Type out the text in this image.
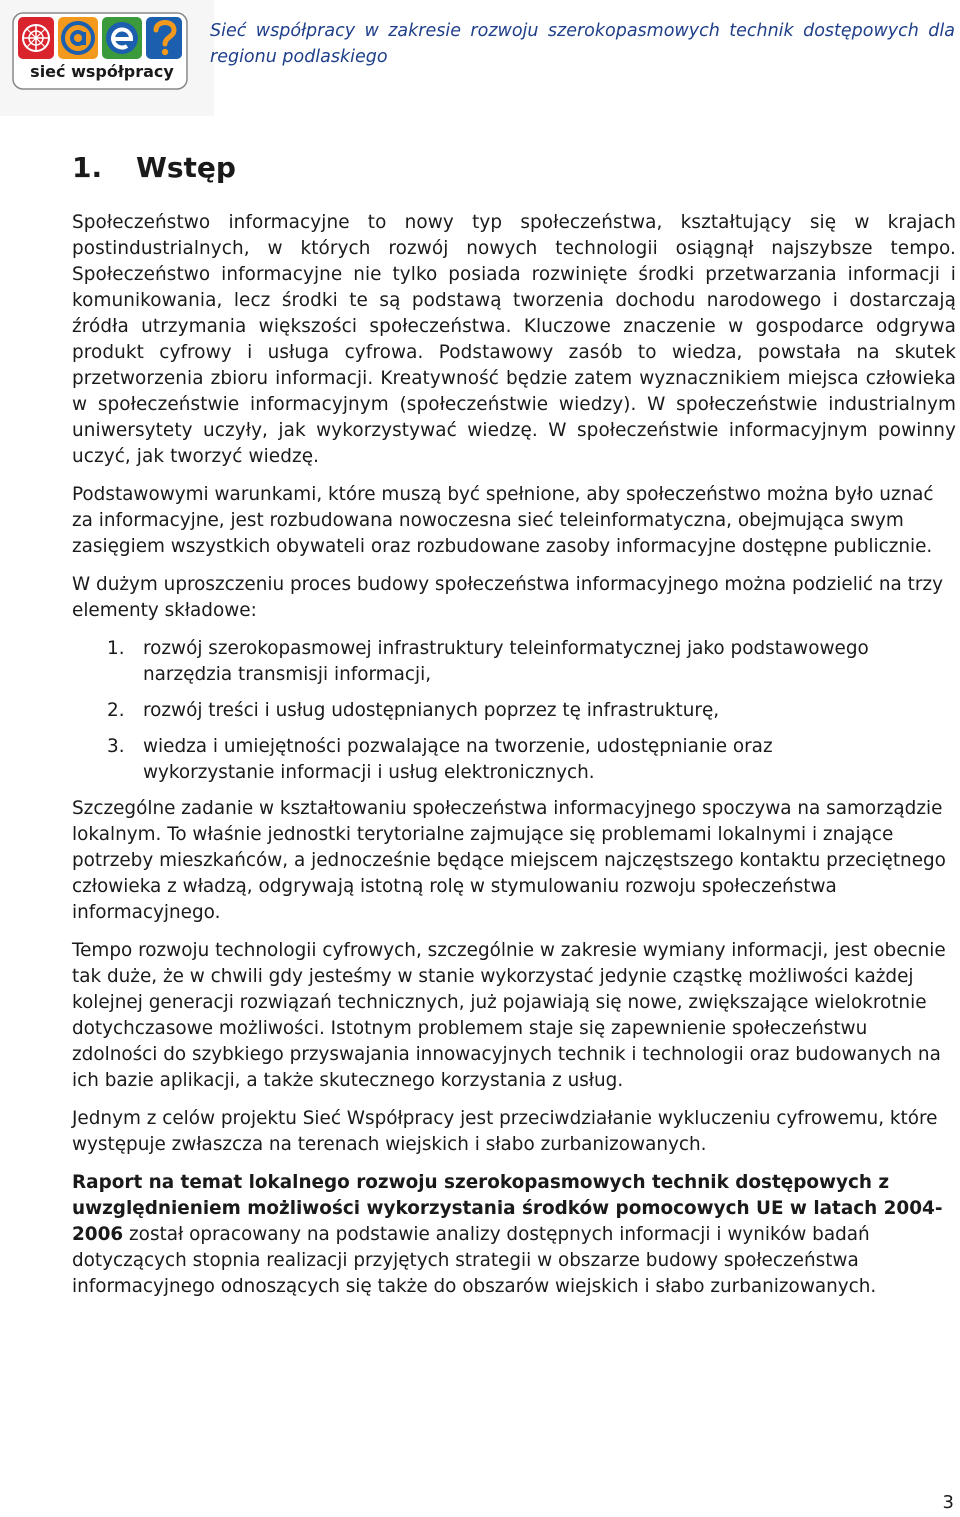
sieć współpracy
Sieć współpracy w zakresie rozwoju szerokopasmowych technik dostępowych dla regionu podlaskiego
1.	Wstęp

Społeczeństwo informacyjne to nowy typ społeczeństwa, kształtujący się w krajach postindustrialnych, w których rozwój nowych technologii osiągnął najszybsze tempo. Społeczeństwo informacyjne nie tylko posiada rozwinięte środki przetwarzania informacji i komunikowania, lecz środki te są podstawą tworzenia dochodu narodowego i dostarczają źródła utrzymania większości społeczeństwa. Kluczowe znaczenie w gospodarce odgrywa produkt cyfrowy i usługa cyfrowa. Podstawowy zasób to wiedza, powstała na skutek przetworzenia zbioru informacji. Kreatywność będzie zatem wyznacznikiem miejsca człowieka w społeczeństwie informacyjnym (społeczeństwie wiedzy). W społeczeństwie industrialnym uniwersytety uczyły, jak wykorzystywać wiedzę. W społeczeństwie informacyjnym powinny uczyć, jak tworzyć wiedzę.

Podstawowymi warunkami, które muszą być spełnione, aby społeczeństwo można było uznać za informacyjne, jest rozbudowana nowoczesna sieć teleinformatyczna, obejmująca swym zasięgiem wszystkich obywateli oraz rozbudowane zasoby informacyjne dostępne publicznie.

W dużym uproszczeniu proces budowy społeczeństwa informacyjnego można podzielić na trzy elementy składowe:

1.	rozwój szerokopasmowej infrastruktury teleinformatycznej jako podstawowego narzędzia transmisji informacji,
2.	rozwój treści i usług udostępnianych poprzez tę infrastrukturę,
3.	wiedza i umiejętności pozwalające na tworzenie, udostępnianie oraz wykorzystanie informacji i usług elektronicznych.

Szczególne zadanie w kształtowaniu społeczeństwa informacyjnego spoczywa na samorządzie lokalnym. To właśnie jednostki terytorialne zajmujące się problemami lokalnymi i znające potrzeby mieszkańców, a jednocześnie będące miejscem najczęstszego kontaktu przeciętnego człowieka z władzą, odgrywają istotną rolę w stymulowaniu rozwoju społeczeństwa informacyjnego.

Tempo rozwoju technologii cyfrowych, szczególnie w zakresie wymiany informacji, jest obecnie tak duże, że w chwili gdy jesteśmy w stanie wykorzystać jedynie cząstkę możliwości każdej kolejnej generacji rozwiązań technicznych, już pojawiają się nowe, zwiększające wielokrotnie dotychczasowe możliwości. Istotnym problemem staje się zapewnienie społeczeństwu zdolności do szybkiego przyswajania innowacyjnych technik i technologii oraz budowanych na ich bazie aplikacji, a także skutecznego korzystania z usług.

Jednym z celów projektu Sieć Współpracy jest przeciwdziałanie wykluczeniu cyfrowemu, które występuje zwłaszcza na terenach wiejskich i słabo zurbanizowanych.

Raport na temat lokalnego rozwoju szerokopasmowych technik dostępowych z uwzględnieniem możliwości wykorzystania środków pomocowych UE w latach 2004-2006 został opracowany na podstawie analizy dostępnych informacji i wyników badań dotyczących stopnia realizacji przyjętych strategii w obszarze budowy społeczeństwa informacyjnego odnoszących się także do obszarów wiejskich i słabo zurbanizowanych.

3
